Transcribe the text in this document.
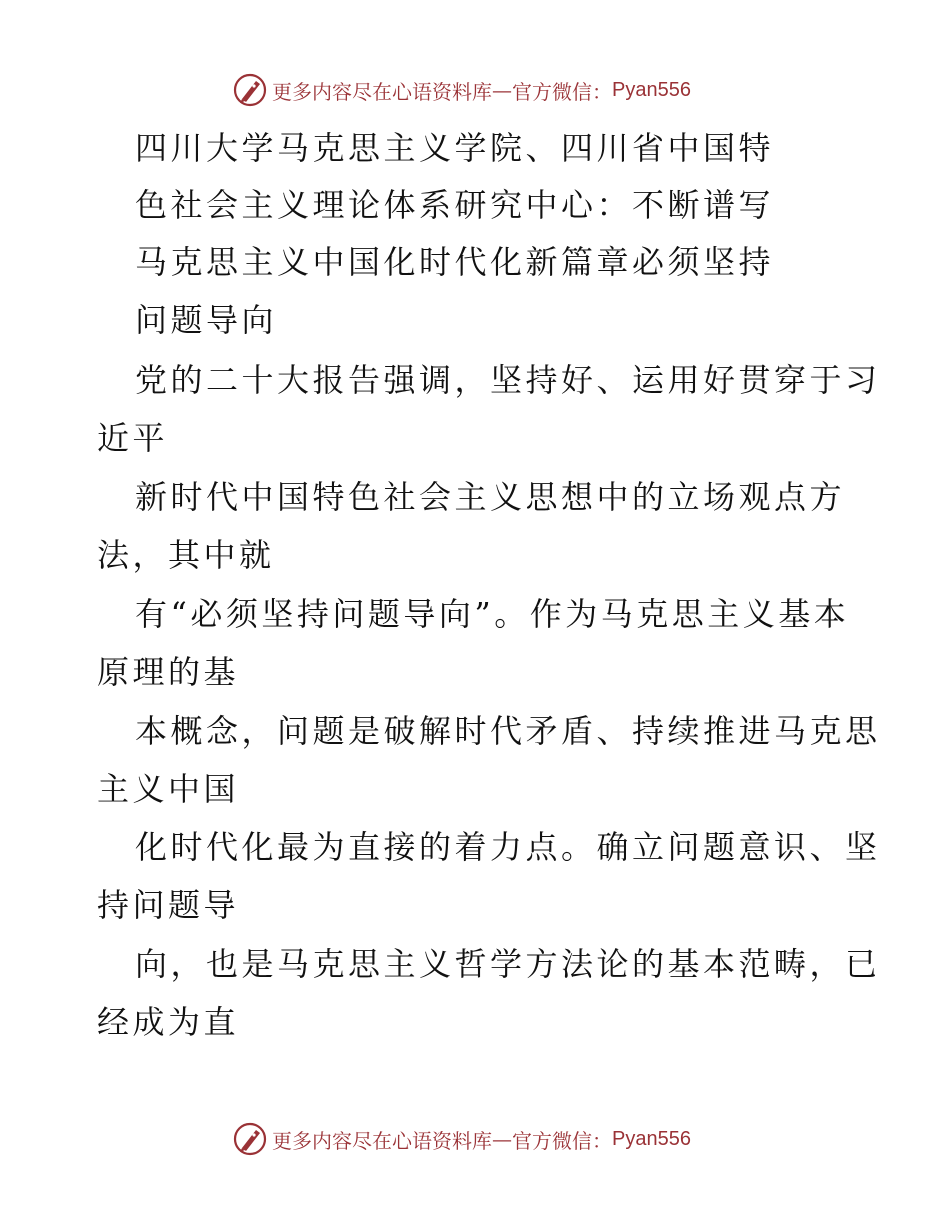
更多内容尽在心语资料库 — 官方微信： Pyan556
四川大学马克思主义学院、四川省中国特
色社会主义理论体系研究中心：不断谱写
马克思主义中国化时代化新篇章必须坚持
问题导向
党的二十大报告强调，坚持好、运用好贯穿于习
近平
新时代中国特色社会主义思想中的立场观点方
法，其中就
有“必须坚持问题导向”。作为马克思主义基本
原理的基
本概念，问题是破解时代矛盾、持续推进马克思
主义中国
化时代化最为直接的着力点。确立问题意识、坚
持问题导
向，也是马克思主义哲学方法论的基本范畴，已
经成为直
更多内容尽在心语资料库 — 官方微信： Pyan556
